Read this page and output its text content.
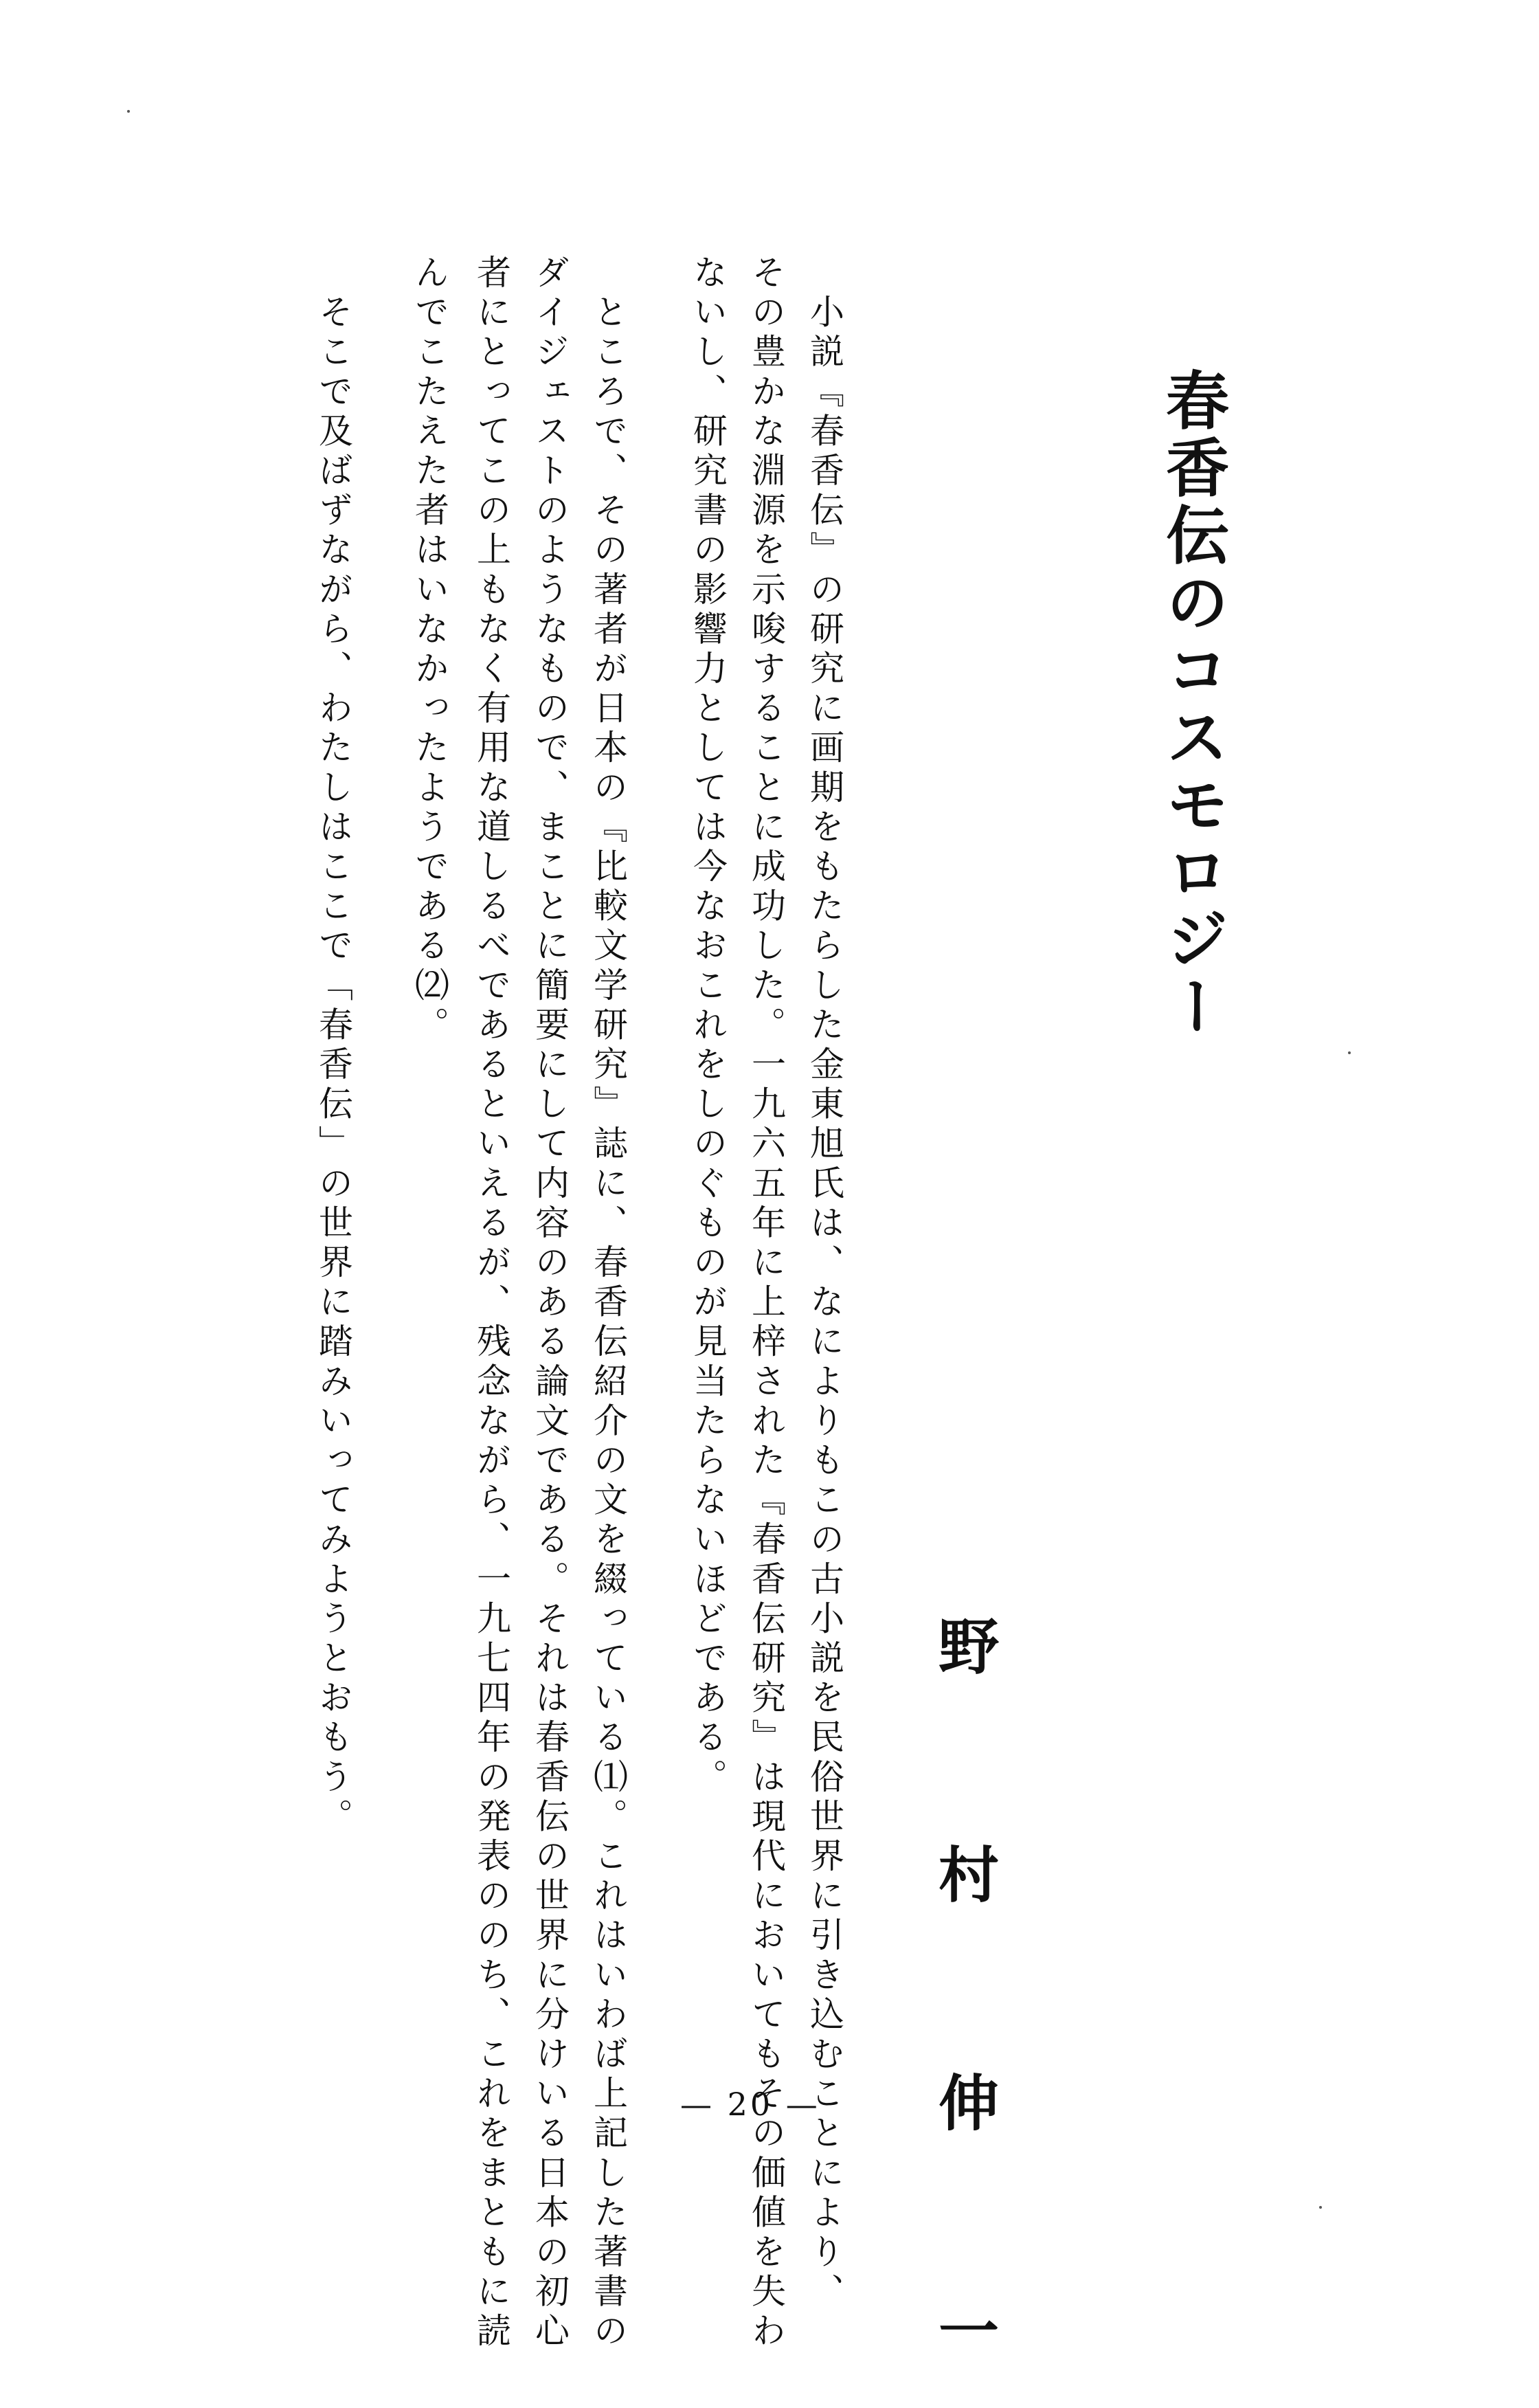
春香伝のコスモロジー
野 村 伸 一
　小説『春香伝』の研究に画期をもたらした金東旭氏は、なによりもこの古小説を民俗世界に引き込むことにより、
その豊かな淵源を示唆することに成功した。一九六五年に上梓された『春香伝研究』は現代においてもその価値を失わ
ないし、研究書の影響力としては今なおこれをしのぐものが見当たらないほどである。
　ところで、その著者が日本の『比較文学研究』誌に、春香伝紹介の文を綴っている⑴。これはいわば上記した著書の
ダイジェストのようなもので、まことに簡要にして内容のある論文である。それは春香伝の世界に分けいる日本の初心
者にとってこの上もなく有用な道しるべであるといえるが、残念ながら、一九七四年の発表ののち、これをまともに読
んでこたえた者はいなかったようである⑵。
　そこで及ばずながら、わたしはここで「春香伝」の世界に踏みいってみようとおもう。
— 20 —
